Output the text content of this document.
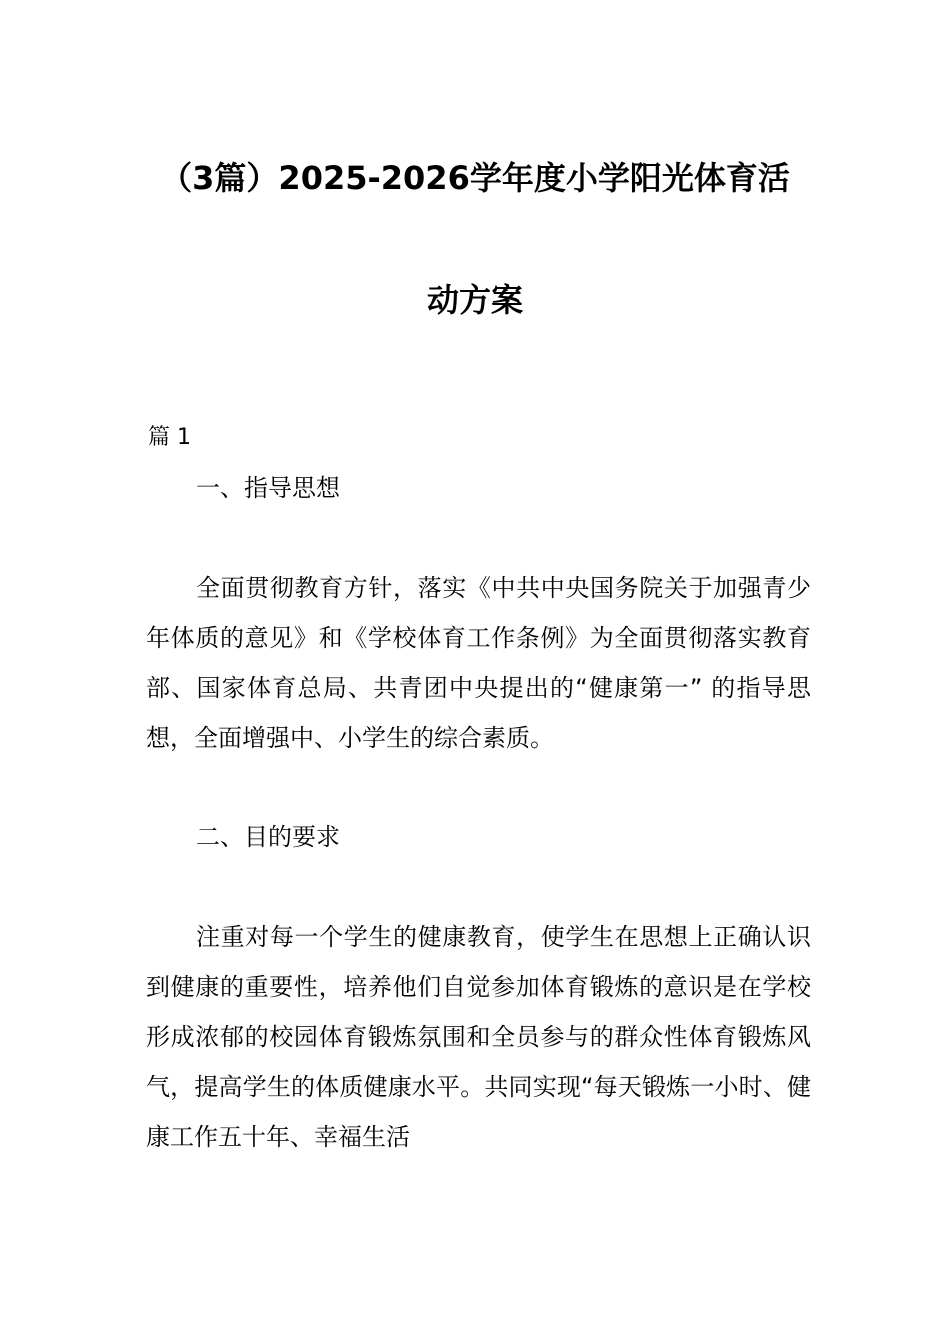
（3篇）2025-2026学年度小学阳光体育活
动方案
篇 1
一、指导思想

全面贯彻教育方针，落实《中共中央国务院关于加强青少年体质的意见》和《学校体育工作条例》为全面贯彻落实教育部、国家体育总局、共青团中央提出的“健康第一” 的指导思想，全面增强中、小学生的综合素质。

二、目的要求

注重对每一个学生的健康教育，使学生在思想上正确认识到健康的重要性，培养他们自觉参加体育锻炼的意识是在学校形成浓郁的校园体育锻炼氛围和全员参与的群众性体育锻炼风气，提高学生的体质健康水平。共同实现“每天锻炼一小时、健康工作五十年、幸福生活
